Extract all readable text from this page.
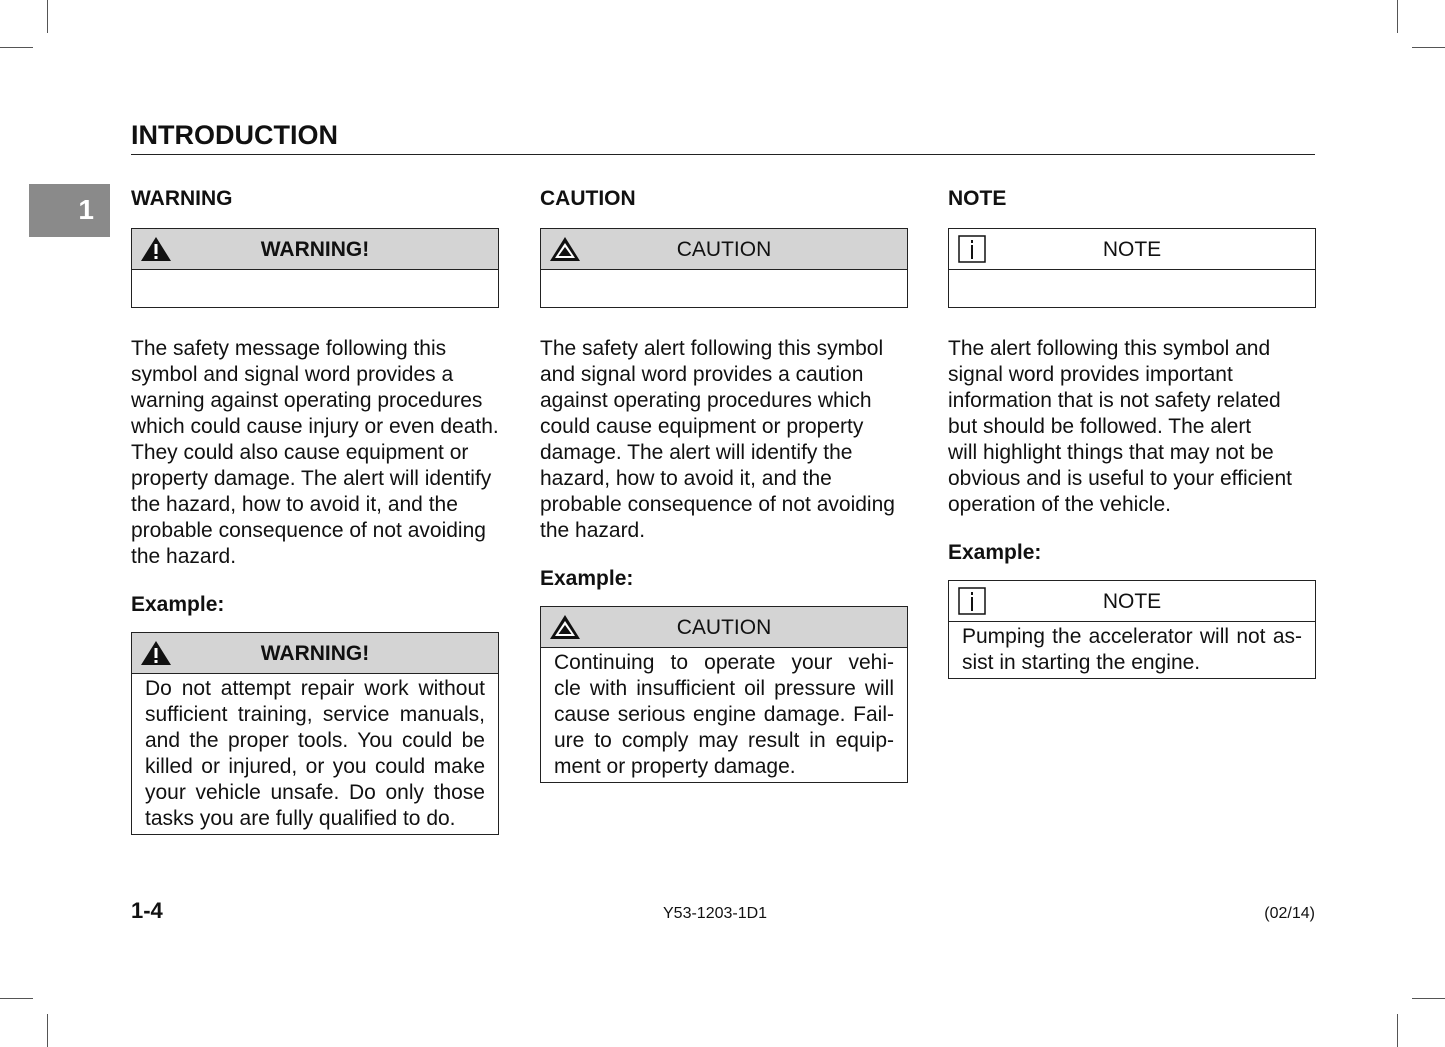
INTRODUCTION
1	WARNING
WARNING!
The safety message following this
symbol and signal word provides a
warning against operating procedures
which could cause injury or even death.
They could also cause equipment or
property damage. The alert will identify
the hazard, how to avoid it, and the
probable consequence of not avoiding
the hazard.
Example:
WARNING!
Do not attempt repair work without
sufficient training, service manuals,
and the proper tools. You could be
killed or injured, or you could make
your vehicle unsafe. Do only those
tasks you are fully qualified to do.
CAUTION
CAUTION
The safety alert following this symbol
and signal word provides a caution
against operating procedures which
could cause equipment or property
damage. The alert will identify the
hazard, how to avoid it, and the
probable consequence of not avoiding
the hazard.
Example:
CAUTION
Continuing to operate your vehi-
cle with insufficient oil pressure will
cause serious engine damage. Fail-
ure to comply may result in equip-
ment or property damage.
NOTE
NOTE
The alert following this symbol and
signal word provides important
information that is not safety related
but should be followed. The alert
will highlight things that may not be
obvious and is useful to your efficient
operation of the vehicle.
Example:
NOTE
Pumping the accelerator will not as-
sist in starting the engine.
1-4	Y53-1203-1D1	(02/14)
